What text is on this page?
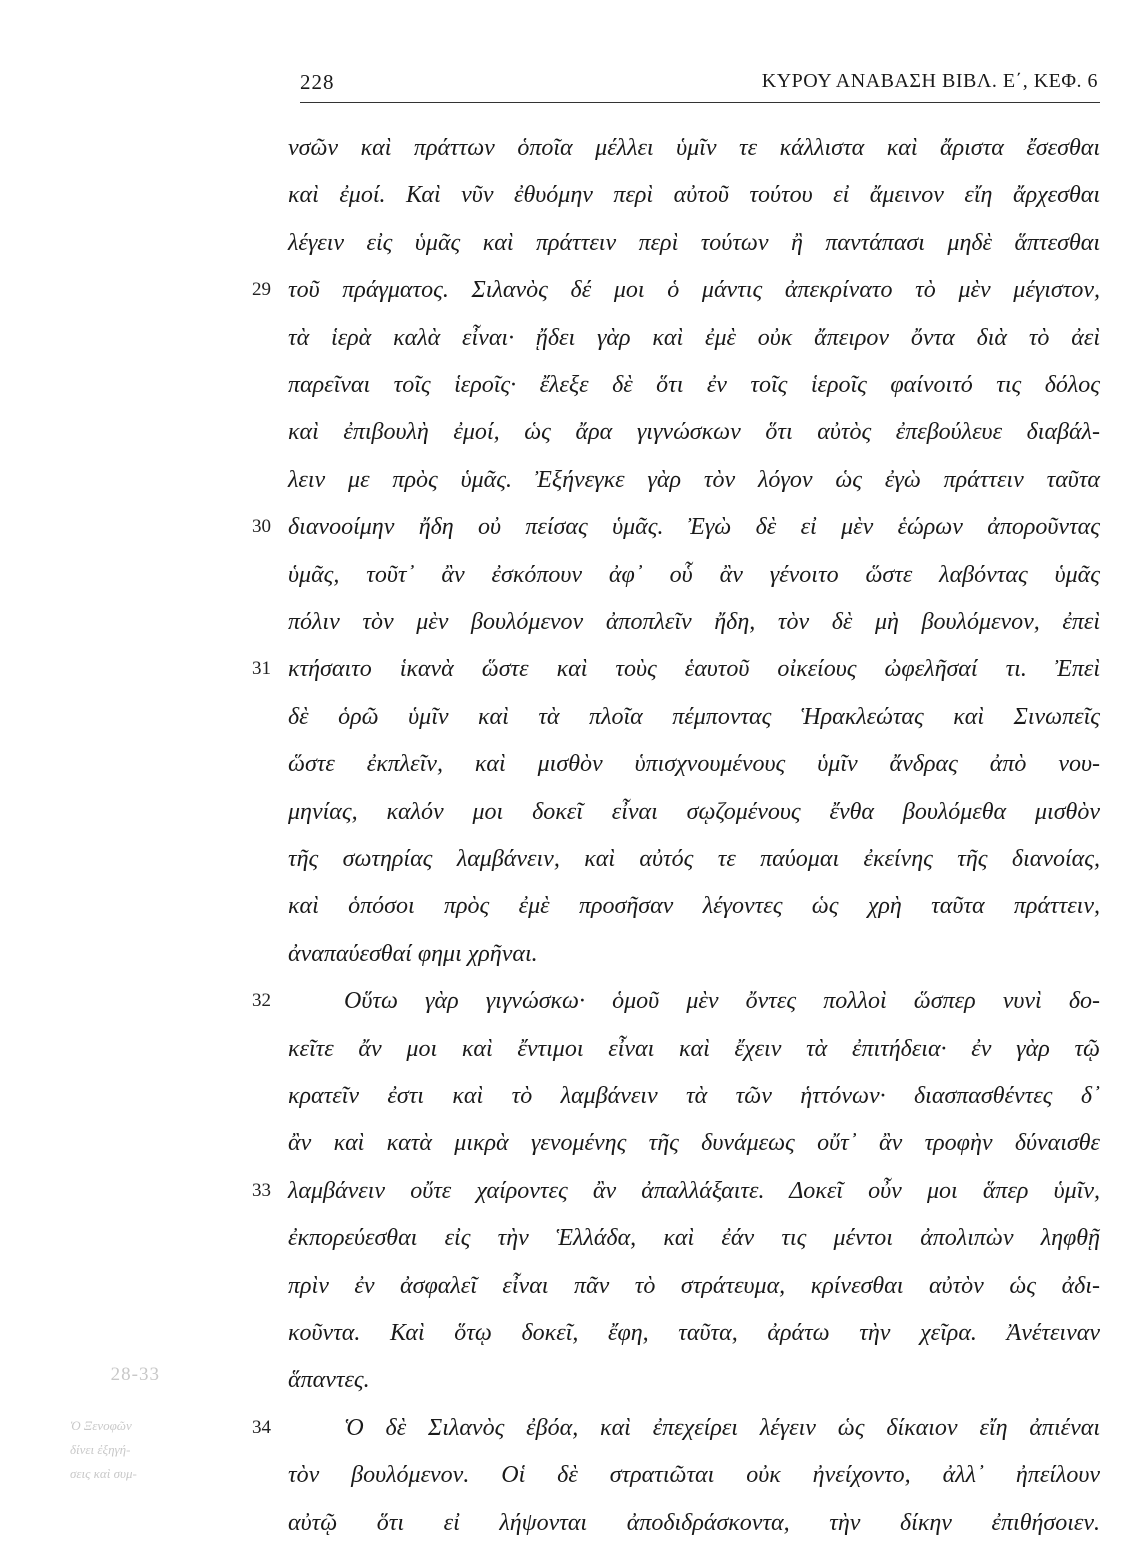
228	ΚΥΡΟΥ ΑΝΑΒΑΣΗ ΒΙΒΛ. Ε΄, ΚΕΦ. 6
νσῶν καὶ πράττων ὁποῖα μέλλει ὑμῖν τε κάλλιστα καὶ ἄριστα ἔσεσθαι
καὶ ἐμοί. Καὶ νῦν ἐθυόμην περὶ αὐτοῦ τούτου εἰ ἄμεινον εἴη ἄρχεσθαι
λέγειν εἰς ὑμᾶς καὶ πράττειν περὶ τούτων ἢ παντάπασι μηδὲ ἅπτεσθαι
τοῦ πράγματος. Σιλανὸς δέ μοι ὁ μάντις ἀπεκρίνατο τὸ μὲν μέγιστον,
τὰ ἱερὰ καλὰ εἶναι· ᾔδει γὰρ καὶ ἐμὲ οὐκ ἄπειρον ὄντα διὰ τὸ ἀεὶ
παρεῖναι τοῖς ἱεροῖς· ἔλεξε δὲ ὅτι ἐν τοῖς ἱεροῖς φαίνοιτό τις δόλος
καὶ ἐπιβουλὴ ἐμοί, ὡς ἄρα γιγνώσκων ὅτι αὐτὸς ἐπεβούλευε διαβάλ-
λειν με πρὸς ὑμᾶς. Ἐξήνεγκε γὰρ τὸν λόγον ὡς ἐγὼ πράττειν ταῦτα
διανοοίμην ἤδη οὐ πείσας ὑμᾶς. Ἐγὼ δὲ εἰ μὲν ἑώρων ἀποροῦντας
ὑμᾶς, τοῦτ᾽ ἂν ἐσκόπουν ἀφ᾽ οὗ ἂν γένοιτο ὥστε λαβόντας ὑμᾶς
πόλιν τὸν μὲν βουλόμενον ἀποπλεῖν ἤδη, τὸν δὲ μὴ βουλόμενον, ἐπεὶ
κτήσαιτο ἱκανὰ ὥστε καὶ τοὺς ἑαυτοῦ οἰκείους ὠφελῆσαί τι. Ἐπεὶ
δὲ ὁρῶ ὑμῖν καὶ τὰ πλοῖα πέμποντας Ἡρακλεώτας καὶ Σινωπεῖς
ὥστε ἐκπλεῖν, καὶ μισθὸν ὑπισχνουμένους ὑμῖν ἄνδρας ἀπὸ νου-
μηνίας, καλόν μοι δοκεῖ εἶναι σῳζομένους ἔνθα βουλόμεθα μισθὸν
τῆς σωτηρίας λαμβάνειν, καὶ αὐτός τε παύομαι ἐκείνης τῆς διανοίας,
καὶ ὁπόσοι πρὸς ἐμὲ προσῆσαν λέγοντες ὡς χρὴ ταῦτα πράττειν,
ἀναπαύεσθαί φημι χρῆναι.
Οὕτω γὰρ γιγνώσκω· ὁμοῦ μὲν ὄντες πολλοὶ ὥσπερ νυνὶ δο-
κεῖτε ἄν μοι καὶ ἔντιμοι εἶναι καὶ ἔχειν τὰ ἐπιτήδεια· ἐν γὰρ τῷ
κρατεῖν ἐστι καὶ τὸ λαμβάνειν τὰ τῶν ἡττόνων· διασπασθέντες δ᾽
ἂν καὶ κατὰ μικρὰ γενομένης τῆς δυνάμεως οὔτ᾽ ἂν τροφὴν δύναισθε
λαμβάνειν οὔτε χαίροντες ἂν ἀπαλλάξαιτε. Δοκεῖ οὖν μοι ἅπερ ὑμῖν,
ἐκπορεύεσθαι εἰς τὴν Ἑλλάδα, καὶ ἐάν τις μέντοι ἀπολιπὼν ληφθῇ
πρὶν ἐν ἀσφαλεῖ εἶναι πᾶν τὸ στράτευμα, κρίνεσθαι αὐτὸν ὡς ἀδι-
κοῦντα. Καὶ ὅτῳ δοκεῖ, ἔφη, ταῦτα, ἀράτω τὴν χεῖρα. Ἀνέτειναν
ἅπαντες.
Ὁ δὲ Σιλανὸς ἐβόα, καὶ ἐπεχείρει λέγειν ὡς δίκαιον εἴη ἀπιέναι
τὸν βουλόμενον. Οἱ δὲ στρατιῶται οὐκ ἠνείχοντο, ἀλλ᾽ ἠπείλουν
αὐτῷ ὅτι εἰ λήψονται ἀποδιδράσκοντα, τὴν δίκην ἐπιθήσοιεν.
29
30
31
32
33
28-33
Ὁ Ξενοφῶν
δίνει ἐξηγή-
σεις καὶ συμ-
34
